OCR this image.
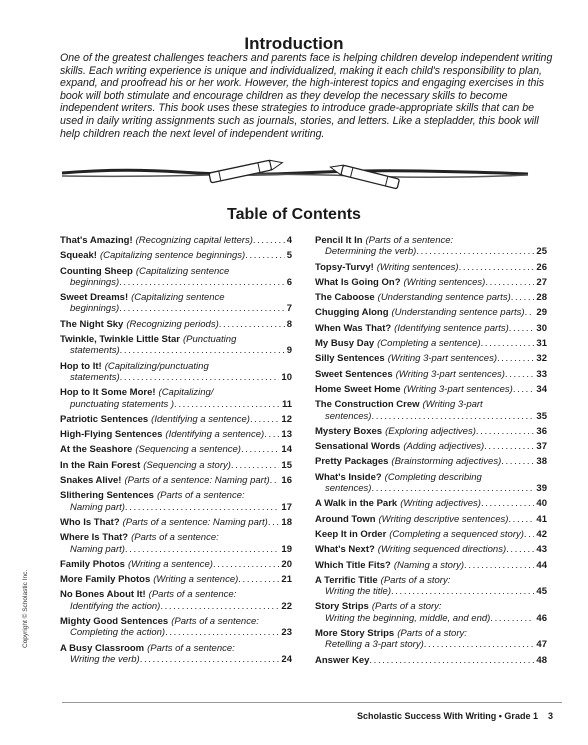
Introduction
One of the greatest challenges teachers and parents face is helping children develop independent writing skills. Each writing experience is unique and individualized, making it each child's responsibility to plan, expand, and proofread his or her work. However, the high-interest topics and engaging exercises in this book will both stimulate and encourage children as they develop the necessary skills to become independent writers. This book uses these strategies to introduce grade-appropriate skills that can be used in daily writing assignments such as journals, stories, and letters. Like a stepladder, this book will help children reach the next level of independent writing.
Table of Contents
That's Amazing! (Recognizing capital letters) . . .	4
Squeak! (Capitalizing sentence beginnings) . . .	5
Counting Sheep (Capitalizing sentence
beginnings) . . .	6
Sweet Dreams! (Capitalizing sentence
beginnings) . . .	7
The Night Sky (Recognizing periods) . . .	8
Twinkle, Twinkle Little Star (Punctuating
statements) . . .	9
Hop to It! (Capitalizing/punctuating
statements) . . .	10
Hop to It Some More! (Capitalizing/
punctuating statements ) . . .	11
Patriotic Sentences (Identifying a sentence) . . .	12
High-Flying Sentences (Identifying a sentence) . . . 13
At the Seashore (Sequencing a sentence) . . .	14
In the Rain Forest (Sequencing a story) . . .	15
Snakes Alive! (Parts of a sentence: Naming part) . . . 16
Slithering Sentences (Parts of a sentence:
Naming part) . . .	17
Who Is That? (Parts of a sentence: Naming part) . . . 18
Where Is That? (Parts of a sentence:
Naming part) . . .	19
Family Photos (Writing a sentence) . . .	20
More Family Photos (Writing a sentence) . . .	21
No Bones About It! (Parts of a sentence:
Identifying the action) . . .	22
Mighty Good Sentences (Parts of a sentence:
Completing the action) . . .	23
A Busy Classroom (Parts of a sentence:
Writing the verb) . . .	24
Pencil It In (Parts of a sentence:
Determining the verb) . . .	25
Topsy-Turvy! (Writing sentences) . . .	26
What Is Going On? (Writing sentences) . . .	27
The Caboose (Understanding sentence parts) . . .	28
Chugging Along (Understanding sentence parts) . . . 29
When Was That? (Identifying sentence parts) . . .	30
My Busy Day (Completing a sentence) . . .	31
Silly Sentences (Writing 3-part sentences) . . .	32
Sweet Sentences (Writing 3-part sentences) . . .	33
Home Sweet Home (Writing 3-part sentences) . . . 34
The Construction Crew (Writing 3-part
sentences) . . .	35
Mystery Boxes (Exploring adjectives) . . .	36
Sensational Words (Adding adjectives) . . .	37
Pretty Packages (Brainstorming adjectives) . . .	38
What's Inside? (Completing describing
sentences) . . .	39
A Walk in the Park (Writing adjectives) . . .	40
Around Town (Writing descriptive sentences) . . .	41
Keep It in Order (Completing a sequenced story) . . . 42
What's Next? (Writing sequenced directions) . . .	43
Which Title Fits? (Naming a story) . . .	44
A Terrific Title (Parts of a story:
Writing the title) . . .	45
Story Strips (Parts of a story:
Writing the beginning, middle, and end) . . .	46
More Story Strips (Parts of a story:
Retelling a 3-part story) . . .	47
Answer Key . . .	48
Copyright © Scholastic Inc.
Scholastic Success With Writing • Grade 1 3
